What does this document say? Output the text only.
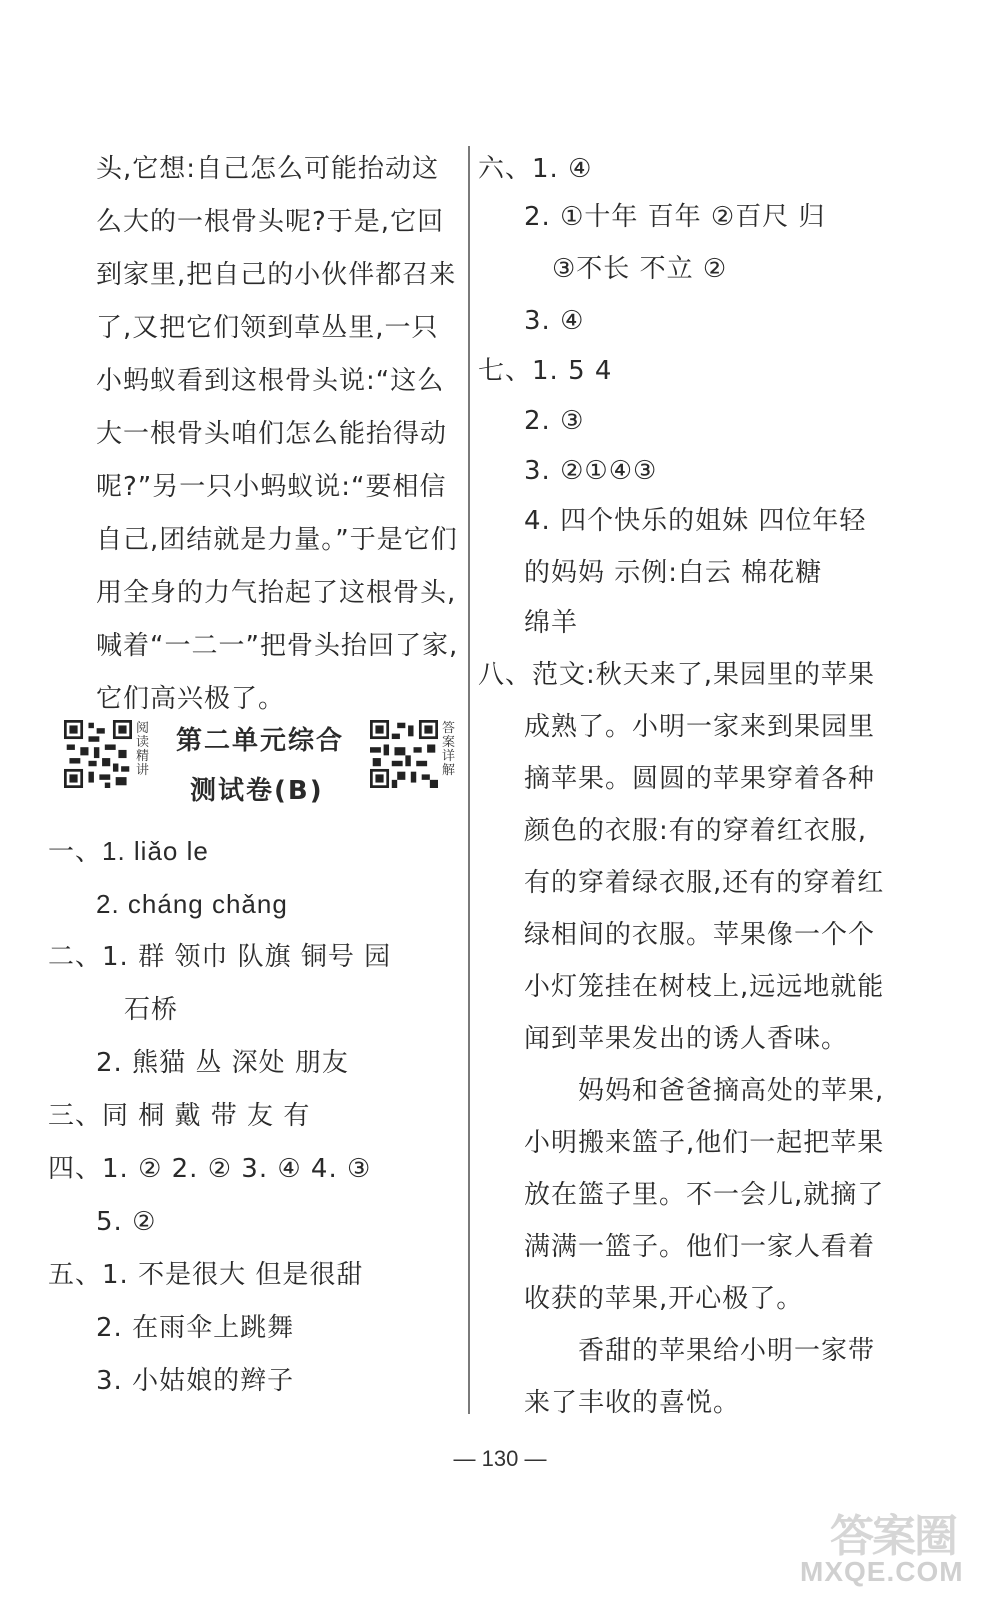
头,它想:自己怎么可能抬动这
么大的一根骨头呢?于是,它回
到家里,把自己的小伙伴都召来
了,又把它们领到草丛里,一只
小蚂蚁看到这根骨头说:“这么
大一根骨头咱们怎么能抬得动
呢?”另一只小蚂蚁说:“要相信
自己,团结就是力量。”于是它们
用全身的力气抬起了这根骨头,
喊着“一二一”把骨头抬回了家,
它们高兴极了。
阅读精讲
第二单元综合
测试卷(B)
答案详解
一、1. liǎo le
2. cháng chǎng
二、1. 群 领巾 队旗 铜号 园
石桥
2. 熊猫 丛 深处 朋友
三、同 桐 戴 带 友 有
四、1. ② 2. ② 3. ④ 4. ③
5. ②
五、1. 不是很大 但是很甜
2. 在雨伞上跳舞
3. 小姑娘的辫子
六、1. ④
2. ①十年 百年 ②百尺 归
③不长 不立 ②
3. ④
七、1. 5 4
2. ③
3. ②①④③
4. 四个快乐的姐妹 四位年轻
的妈妈 示例:白云 棉花糖
绵羊
八、范文:秋天来了,果园里的苹果
成熟了。小明一家来到果园里
摘苹果。圆圆的苹果穿着各种
颜色的衣服:有的穿着红衣服,
有的穿着绿衣服,还有的穿着红
绿相间的衣服。苹果像一个个
小灯笼挂在树枝上,远远地就能
闻到苹果发出的诱人香味。
妈妈和爸爸摘高处的苹果,
小明搬来篮子,他们一起把苹果
放在篮子里。不一会儿,就摘了
满满一篮子。他们一家人看着
收获的苹果,开心极了。
香甜的苹果给小明一家带
来了丰收的喜悦。
— 130 —
答案圈
MXQE.COM
